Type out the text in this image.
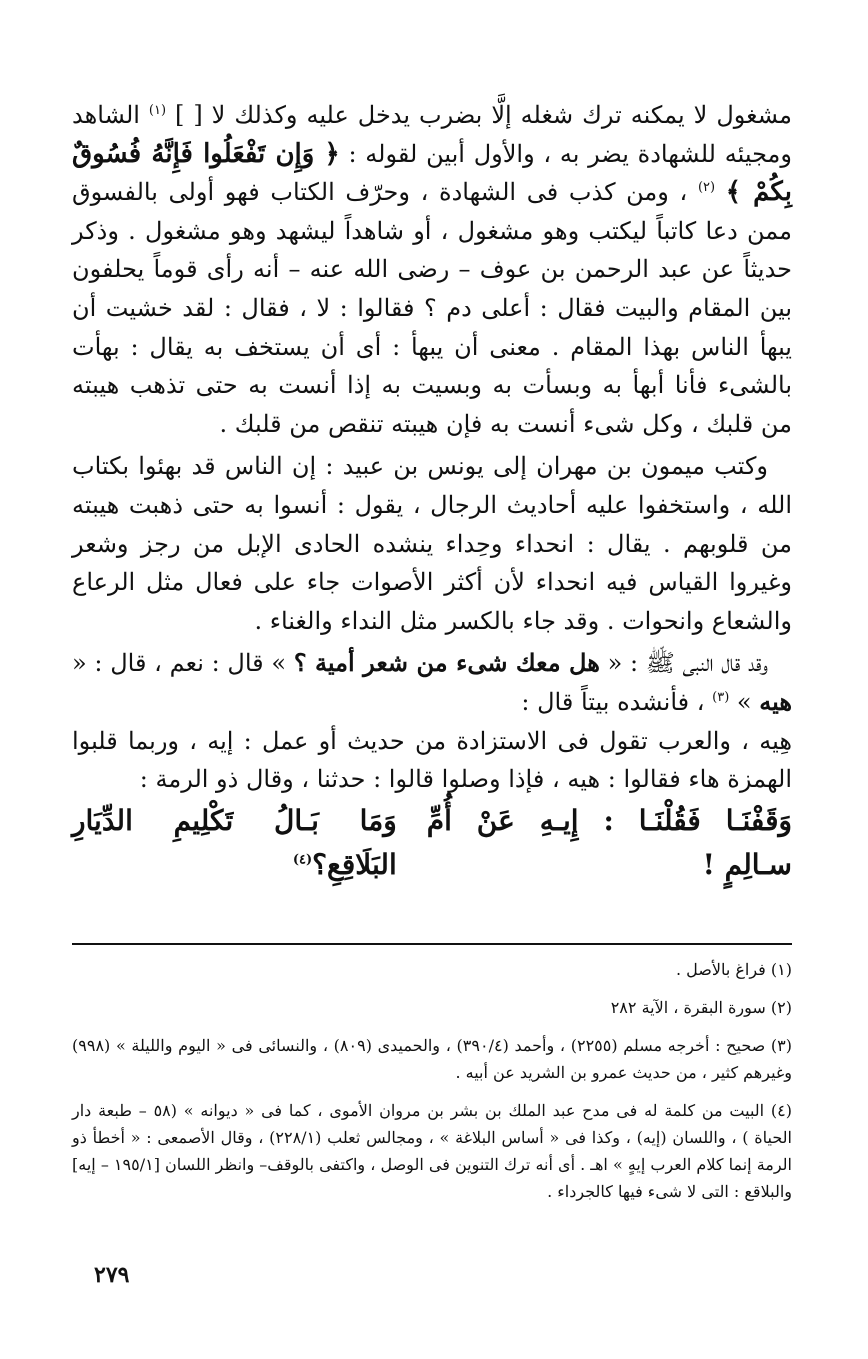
مشغول لا يمكنه ترك شغله إلَّا بضرب يدخل عليه وكذلك لا [ ] $^{(١)}$ الشاهد ومجيئه للشهادة يضر به ، والأول أبين لقوله : ﴿ وَإِن تَفْعَلُوا فَإِنَّهُ فُسُوقٌ بِكُمْ ﴾ $^{(٢)}$ ، ومن كذب فى الشهادة ، وحرّف الكتاب فهو أولى بالفسوق ممن دعا كاتباً ليكتب وهو مشغول ، أو شاهداً ليشهد وهو مشغول . وذكر حديثاً عن عبد الرحمن بن عوف – رضى الله عنه – أنه رأى قوماً يحلفون بين المقام والبيت فقال : أعلى دم ؟ فقالوا : لا ، فقال : لقد خشيت أن يبهأ الناس بهذا المقام . معنى أن يبهأ : أى أن يستخف به يقال : بهأت بالشىء فأنا أبهأ به وبسأت به وبسيت به إذا أنست به حتى تذهب هيبته من قلبك ، وكل شىء أنست به فإن هيبته تنقص من قلبك .

وكتب ميمون بن مهران إلى يونس بن عبيد : إن الناس قد بهئوا بكتاب الله ، واستخفوا عليه أحاديث الرجال ، يقول : أنسوا به حتى ذهبت هيبته من قلوبهم . يقال : انحداء وحِداء ينشده الحادى الإبل من رجز وشعر وغيروا القياس فيه انحداء لأن أكثر الأصوات جاء على فعال مثل الرعاع والشعاع وانحوات . وقد جاء بالكسر مثل النداء والغناء .

وقد قال النبى ﷺ : « هل معك شىء من شعر أمية ؟ » قال : نعم ، قال : « هيه » $^{(٣)}$ ، فأنشده بيتاً قال :

هِيه ، والعرب تقول فى الاستزادة من حديث أو عمل : إيه ، وربما قلبوا الهمزة هاء فقالوا : هيه ، فإذا وصلوا قالوا : حدثنا ، وقال ذو الرمة :

وَقَفْنَـا فَقُلْنَـا : إِيـهِ عَنْ أُمِّ سـالِمٍ !
وَمَا بَـالُ تَكْلِيمِ الدِّيَارِ البَلَاقِعِ؟$^{(٤)}$

(١) فراغ بالأصل .

(٢) سورة البقرة ، الآية ٢٨٢

(٣) صحيح : أخرجه مسلم (٢٢٥٥) ، وأحمد (٣٩٠/٤) ، والحميدى (٨٠٩) ، والنسائى فى « اليوم والليلة » (٩٩٨) وغيرهم كثير ، من حديث عمرو بن الشريد عن أبيه .

(٤) البيت من كلمة له فى مدح عبد الملك بن بشر بن مروان الأموى ، كما فى « ديوانه » (٥٨ – طبعة دار الحياة ) ، واللسان (إيه) ، وكذا فى « أساس البلاغة » ، ومجالس ثعلب (٢٢٨/١) ، وقال الأصمعى : « أخطأ ذو الرمة إنما كلام العرب إيهٍ » اهـ . أى أنه ترك التنوين فى الوصل ، واكتفى بالوقف– وانظر اللسان [١٩٥/١ – إيه] والبلاقع : التى لا شىء فيها كالجرداء .

٢٧٩
